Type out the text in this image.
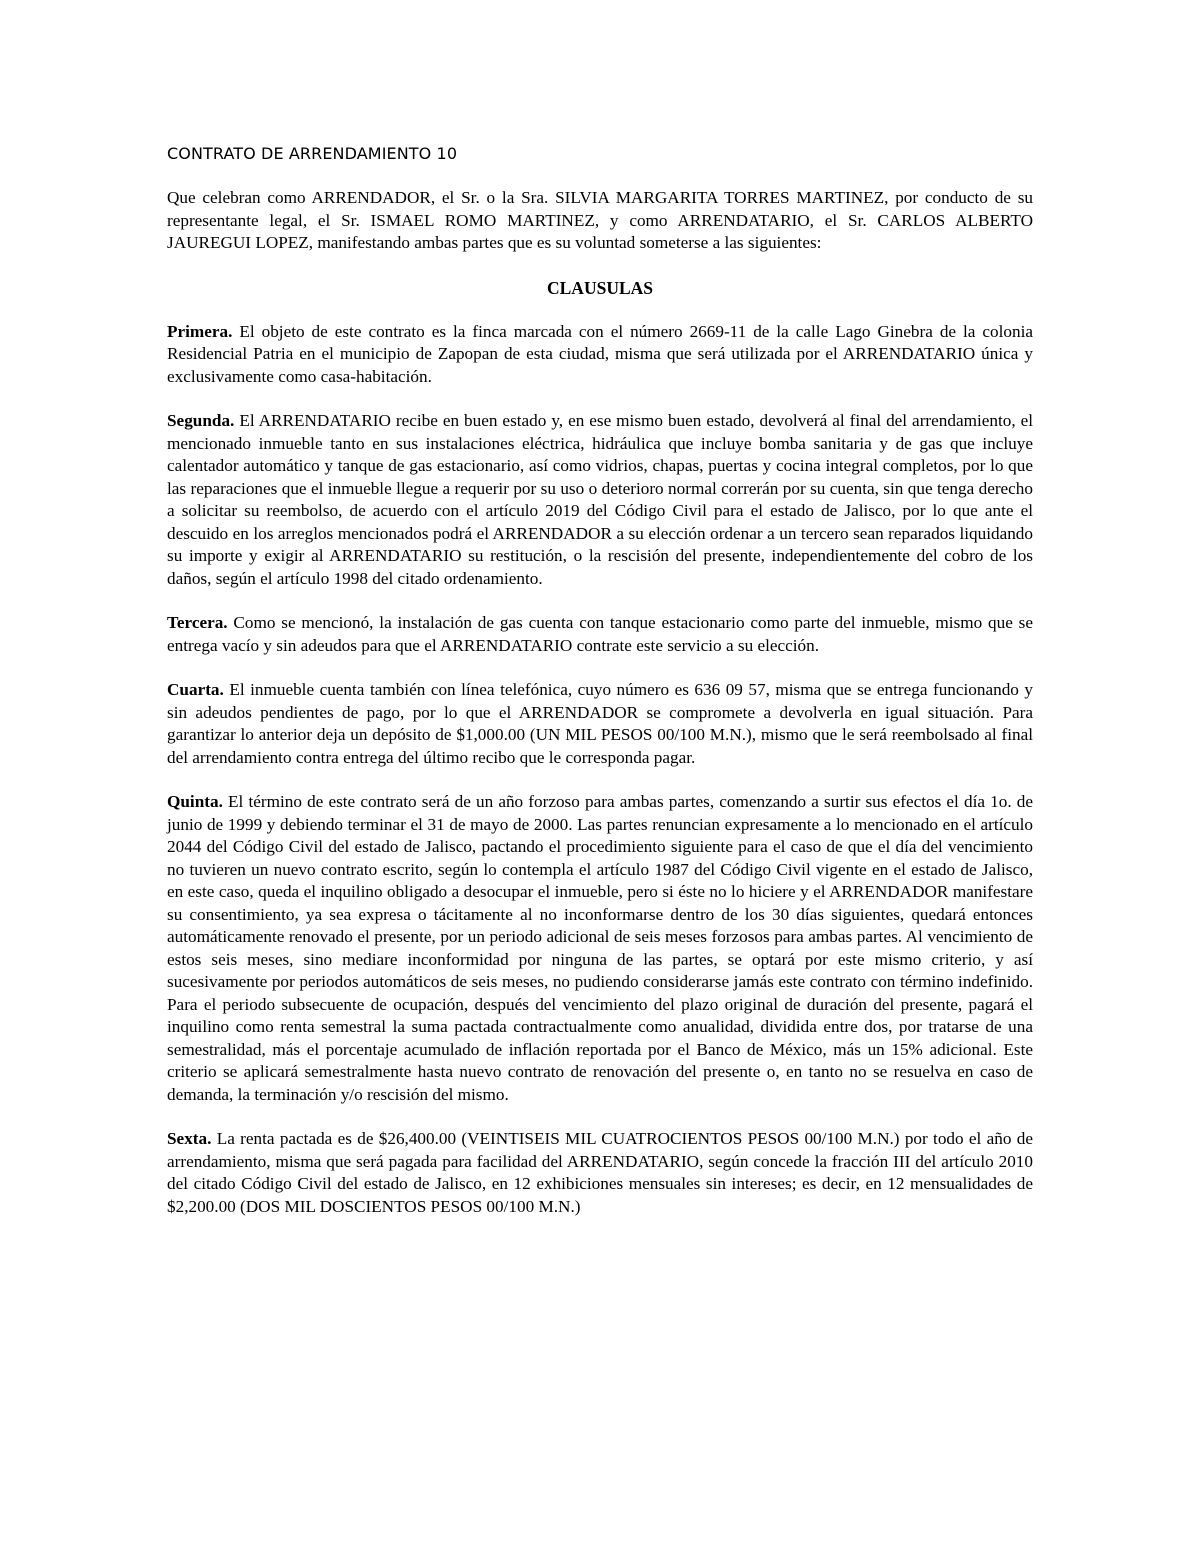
CONTRATO DE ARRENDAMIENTO 10
Que celebran como ARRENDADOR, el Sr. o la Sra. SILVIA MARGARITA TORRES MARTINEZ, por conducto de su representante legal, el Sr. ISMAEL ROMO MARTINEZ, y como ARRENDATARIO, el Sr. CARLOS ALBERTO JAUREGUI LOPEZ, manifestando ambas partes que es su voluntad someterse a las siguientes:
CLAUSULAS
Primera. El objeto de este contrato es la finca marcada con el número 2669-11 de la calle Lago Ginebra de la colonia Residencial Patria en el municipio de Zapopan de esta ciudad, misma que será utilizada por el ARRENDATARIO única y exclusivamente como casa-habitación.
Segunda. El ARRENDATARIO recibe en buen estado y, en ese mismo buen estado, devolverá al final del arrendamiento, el mencionado inmueble tanto en sus instalaciones eléctrica, hidráulica que incluye bomba sanitaria y de gas que incluye calentador automático y tanque de gas estacionario, así como vidrios, chapas, puertas y cocina integral completos, por lo que las reparaciones que el inmueble llegue a requerir por su uso o deterioro normal correrán por su cuenta, sin que tenga derecho a solicitar su reembolso, de acuerdo con el artículo 2019 del Código Civil para el estado de Jalisco, por lo que ante el descuido en los arreglos mencionados podrá el ARRENDADOR a su elección ordenar a un tercero sean reparados liquidando su importe y exigir al ARRENDATARIO su restitución, o la rescisión del presente, independientemente del cobro de los daños, según el artículo 1998 del citado ordenamiento.
Tercera. Como se mencionó, la instalación de gas cuenta con tanque estacionario como parte del inmueble, mismo que se entrega vacío y sin adeudos para que el ARRENDATARIO contrate este servicio a su elección.
Cuarta. El inmueble cuenta también con línea telefónica, cuyo número es 636 09 57, misma que se entrega funcionando y sin adeudos pendientes de pago, por lo que el ARRENDADOR se compromete a devolverla en igual situación. Para garantizar lo anterior deja un depósito de $1,000.00 (UN MIL PESOS 00/100 M.N.), mismo que le será reembolsado al final del arrendamiento contra entrega del último recibo que le corresponda pagar.
Quinta. El término de este contrato será de un año forzoso para ambas partes, comenzando a surtir sus efectos el día 1o. de junio de 1999 y debiendo terminar el 31 de mayo de 2000. Las partes renuncian expresamente a lo mencionado en el artículo 2044 del Código Civil del estado de Jalisco, pactando el procedimiento siguiente para el caso de que el día del vencimiento no tuvieren un nuevo contrato escrito, según lo contempla el artículo 1987 del Código Civil vigente en el estado de Jalisco, en este caso, queda el inquilino obligado a desocupar el inmueble, pero si éste no lo hiciere y el ARRENDADOR manifestare su consentimiento, ya sea expresa o tácitamente al no inconformarse dentro de los 30 días siguientes, quedará entonces automáticamente renovado el presente, por un periodo adicional de seis meses forzosos para ambas partes. Al vencimiento de estos seis meses, sino mediare inconformidad por ninguna de las partes, se optará por este mismo criterio, y así sucesivamente por periodos automáticos de seis meses, no pudiendo considerarse jamás este contrato con término indefinido. Para el periodo subsecuente de ocupación, después del vencimiento del plazo original de duración del presente, pagará el inquilino como renta semestral la suma pactada contractualmente como anualidad, dividida entre dos, por tratarse de una semestralidad, más el porcentaje acumulado de inflación reportada por el Banco de México, más un 15% adicional. Este criterio se aplicará semestralmente hasta nuevo contrato de renovación del presente o, en tanto no se resuelva en caso de demanda, la terminación y/o rescisión del mismo.
Sexta. La renta pactada es de $26,400.00 (VEINTISEIS MIL CUATROCIENTOS PESOS 00/100 M.N.) por todo el año de arrendamiento, misma que será pagada para facilidad del ARRENDATARIO, según concede la fracción III del artículo 2010 del citado Código Civil del estado de Jalisco, en 12 exhibiciones mensuales sin intereses; es decir, en 12 mensualidades de $2,200.00 (DOS MIL DOSCIENTOS PESOS 00/100 M.N.)
